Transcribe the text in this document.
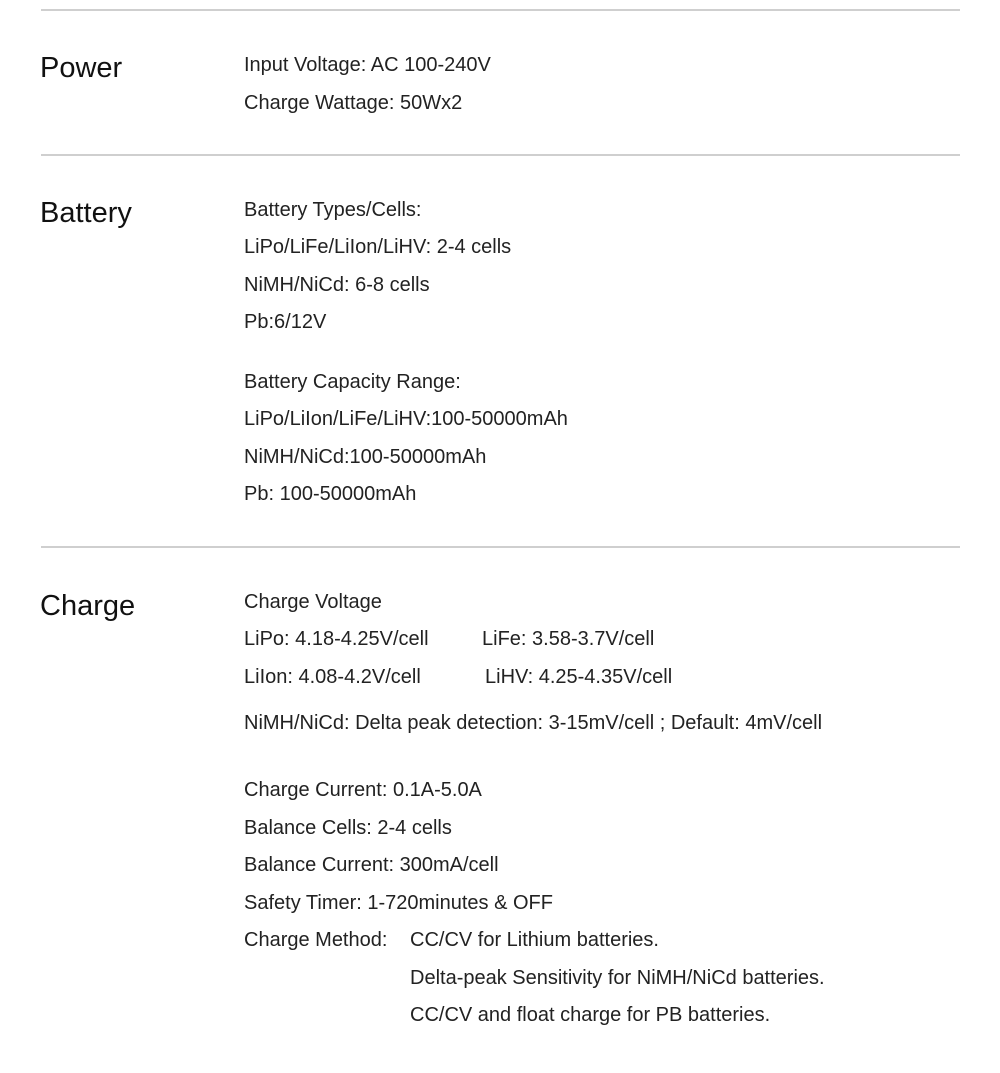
Power	Input Voltage: AC 100-240V
Charge Wattage: 50Wx2
Battery	Battery Types/Cells:
LiPo/LiFe/LiIon/LiHV: 2-4 cells
NiMH/NiCd: 6-8 cells
Pb:6/12V
Battery Capacity Range:
LiPo/LiIon/LiFe/LiHV:100-50000mAh
NiMH/NiCd:100-50000mAh
Pb: 100-50000mAh
Charge	Charge Voltage
LiPo: 4.18-4.25V/cell	LiFe: 3.58-3.7V/cell
LiIon: 4.08-4.2V/cell	LiHV: 4.25-4.35V/cell
NiMH/NiCd: Delta peak detection: 3-15mV/cell ; Default: 4mV/cell
Charge Current: 0.1A-5.0A
Balance Cells: 2-4 cells
Balance Current: 300mA/cell
Safety Timer: 1-720minutes & OFF
Charge Method: CC/CV for Lithium batteries.
Delta-peak Sensitivity for NiMH/NiCd batteries.
CC/CV and float charge for PB batteries.
